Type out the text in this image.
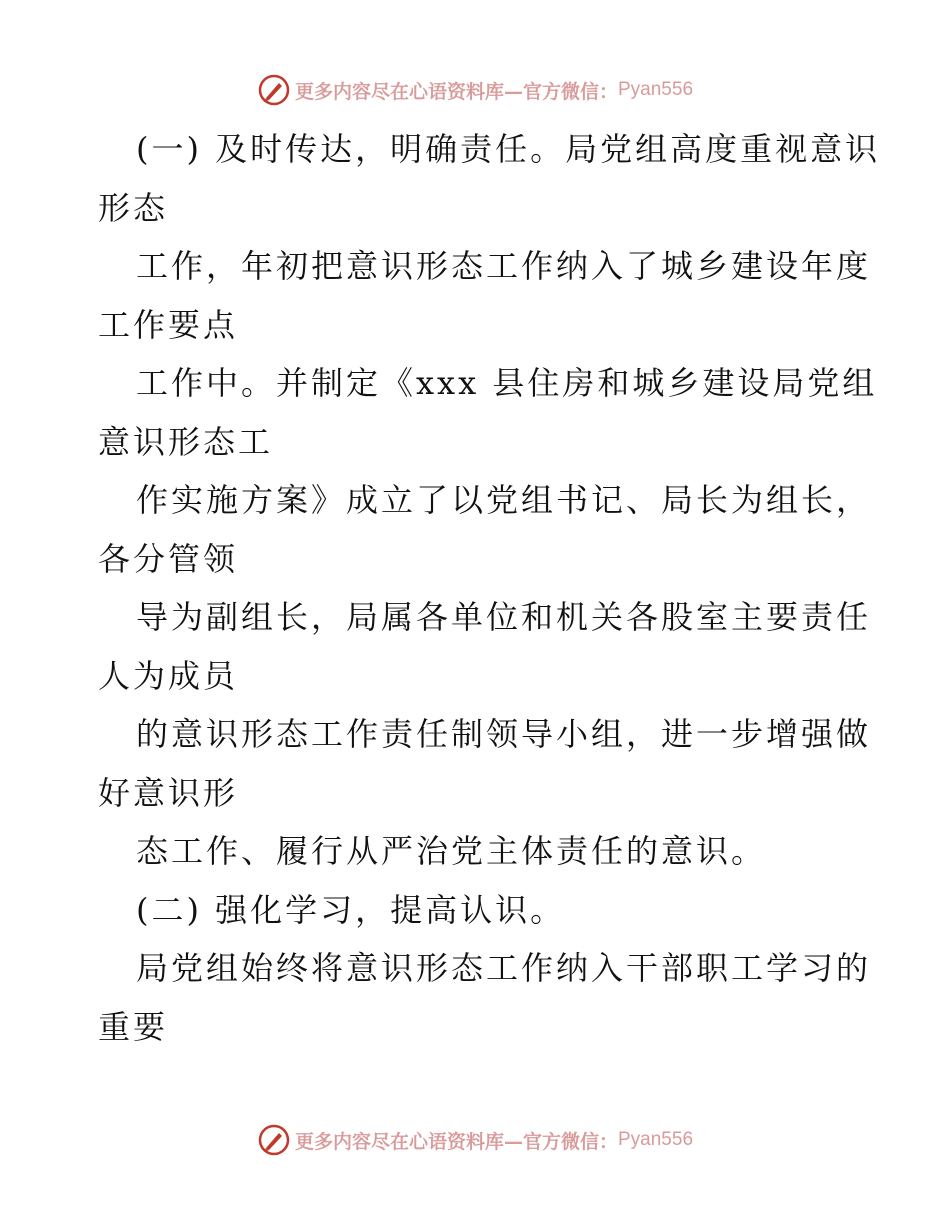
更多内容尽在心语资料库—官方微信： Pyan556
(一) 及时传达，明确责任。局党组高度重视意识
形态
工作，年初把意识形态工作纳入了城乡建设年度
工作要点
工作中。并制定《xxx 县住房和城乡建设局党组
意识形态工
作实施方案》成立了以党组书记、局长为组长，
各分管领
导为副组长，局属各单位和机关各股室主要责任
人为成员
的意识形态工作责任制领导小组，进一步增强做
好意识形
态工作、履行从严治党主体责任的意识。
(二) 强化学习，提高认识。
局党组始终将意识形态工作纳入干部职工学习的
重要
更多内容尽在心语资料库—官方微信： Pyan556
